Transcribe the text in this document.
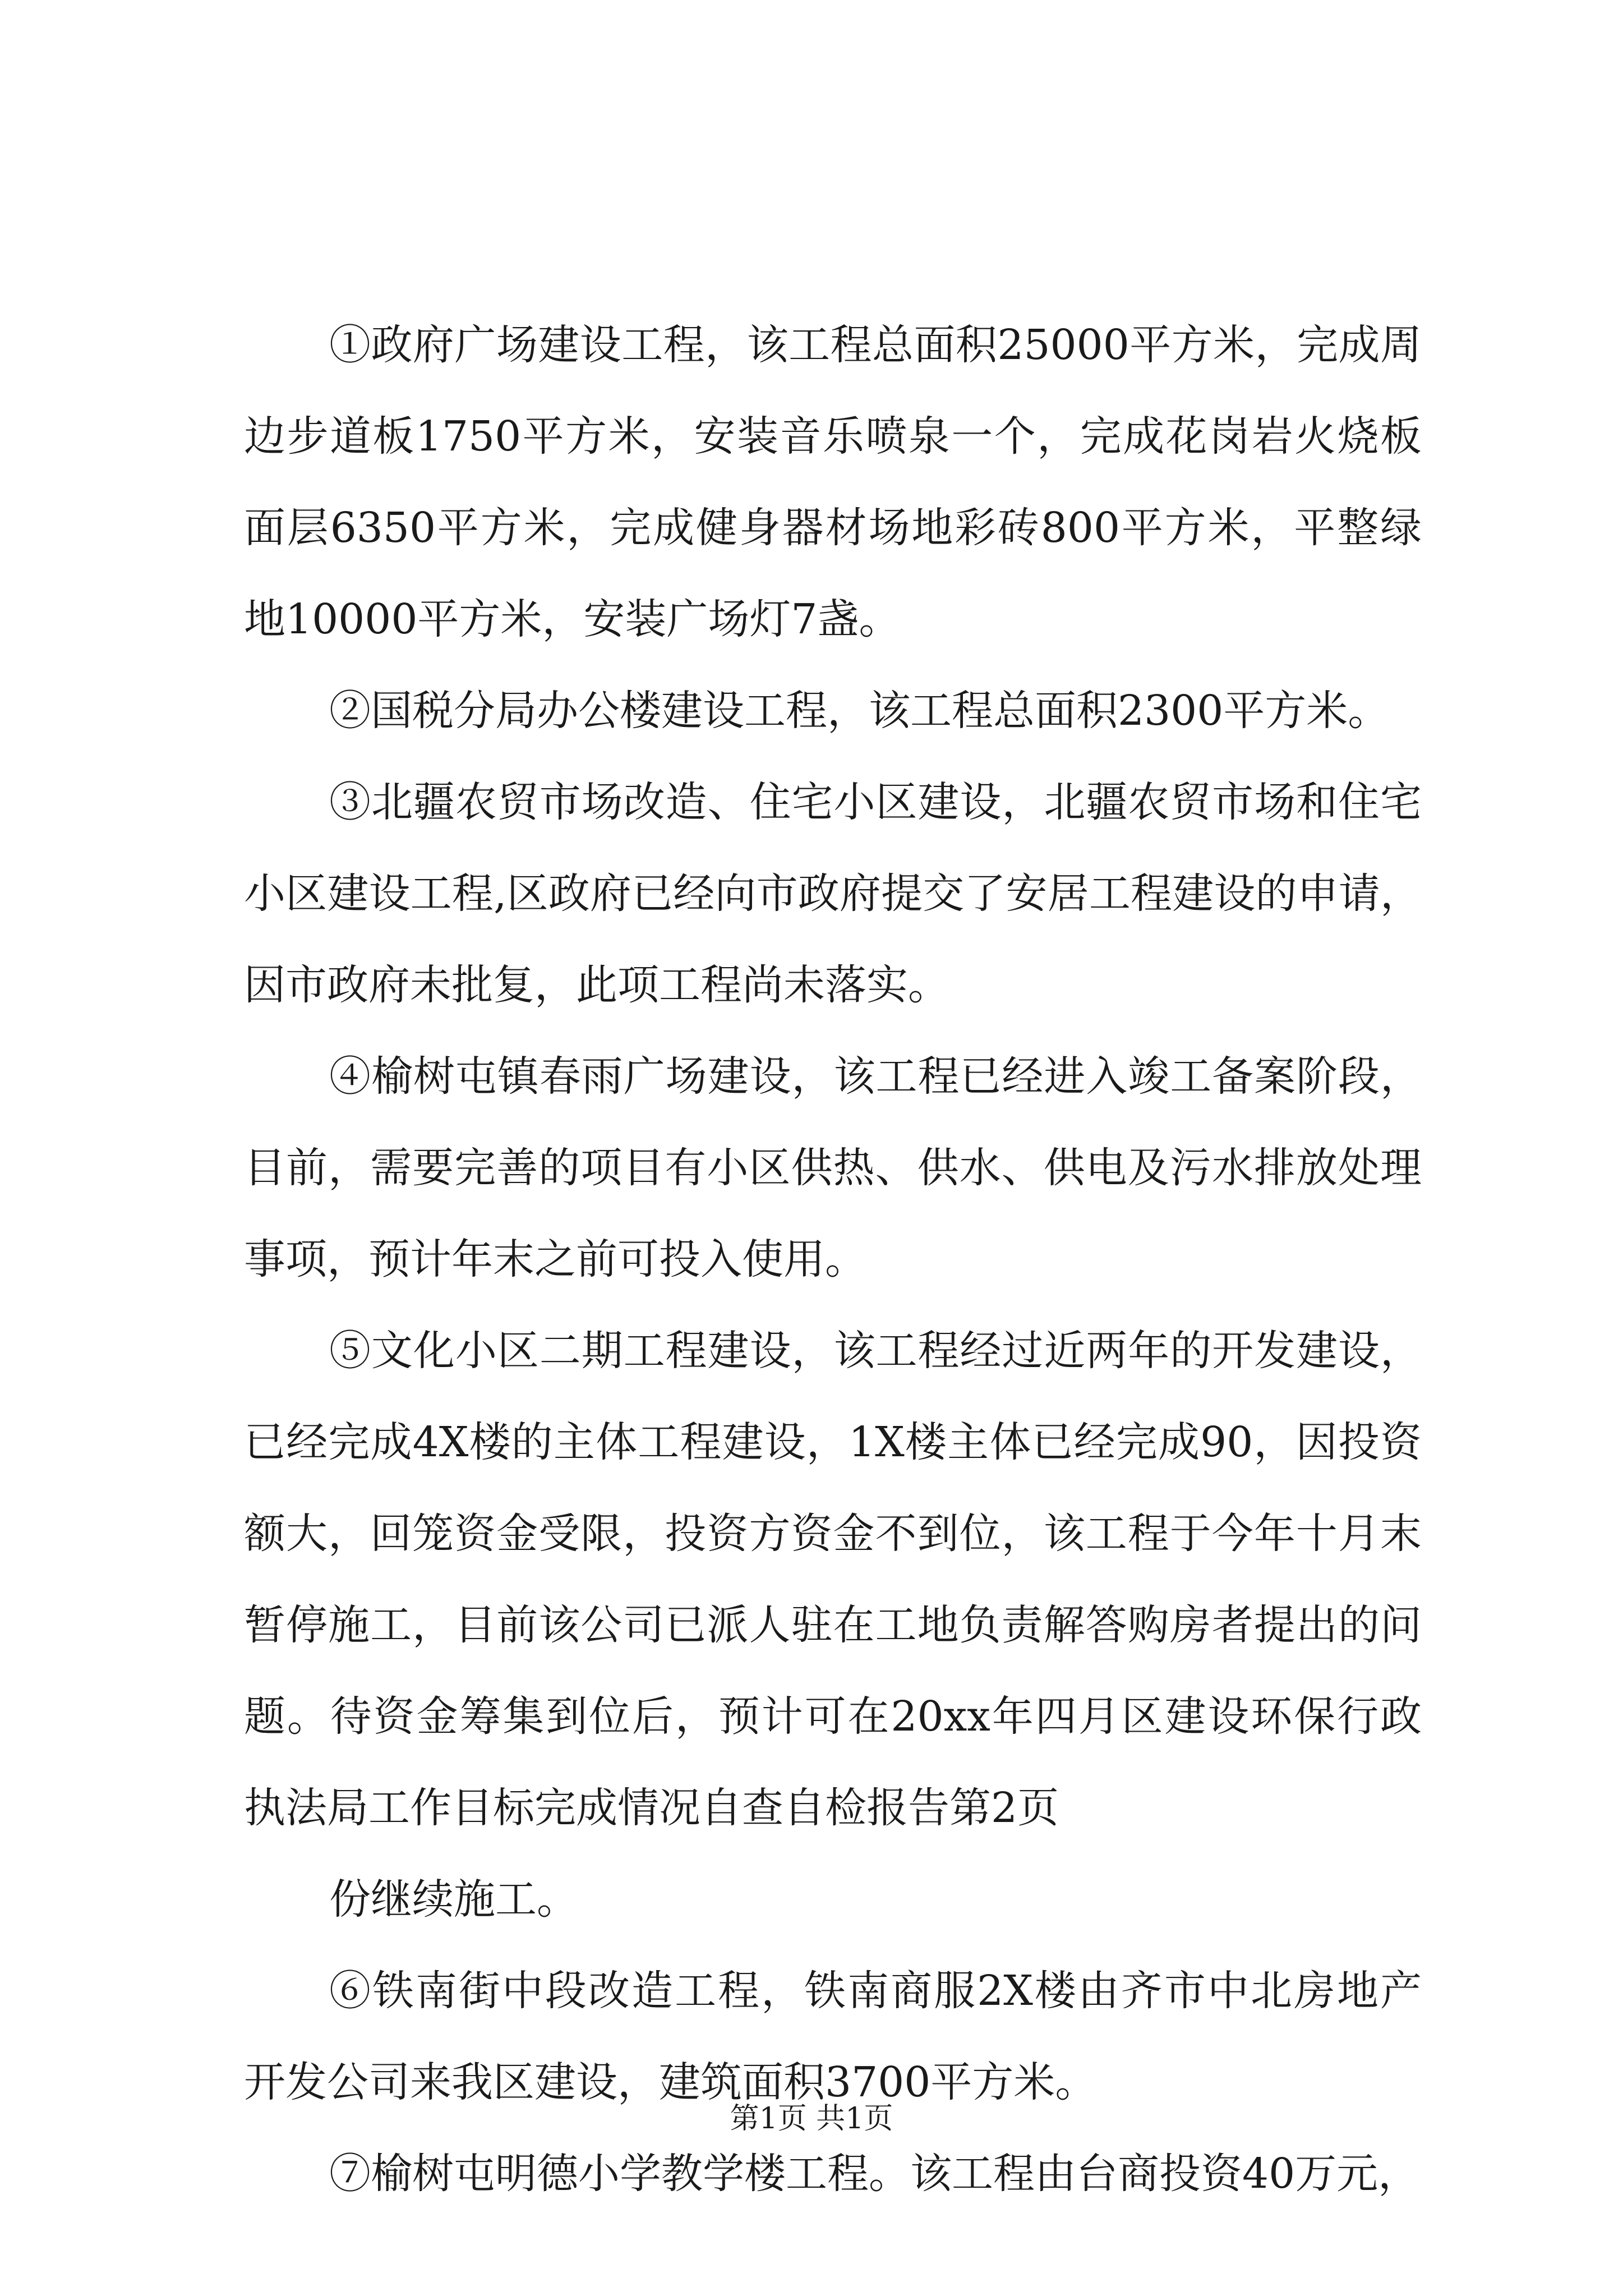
①政府广场建设工程，该工程总面积25000平方米，完成周边步道板1750平方米，安装音乐喷泉一个，完成花岗岩火烧板面层6350平方米，完成健身器材场地彩砖800平方米，平整绿地10000平方米，安装广场灯7盏。

②国税分局办公楼建设工程，该工程总面积2300平方米。

③北疆农贸市场改造、住宅小区建设，北疆农贸市场和住宅小区建设工程,区政府已经向市政府提交了安居工程建设的申请，因市政府未批复，此项工程尚未落实。

④榆树屯镇春雨广场建设，该工程已经进入竣工备案阶段，目前，需要完善的项目有小区供热、供水、供电及污水排放处理事项，预计年末之前可投入使用。

⑤文化小区二期工程建设，该工程经过近两年的开发建设，已经完成4X楼的主体工程建设，1X楼主体已经完成90，因投资额大，回笼资金受限，投资方资金不到位，该工程于今年十月末暂停施工，目前该公司已派人驻在工地负责解答购房者提出的问题。待资金筹集到位后，预计可在20xx年四月区建设环保行政执法局工作目标完成情况自查自检报告第2页

份继续施工。

⑥铁南街中段改造工程，铁南商服2X楼由齐市中北房地产开发公司来我区建设，建筑面积3700平方米。

⑦榆树屯明德小学教学楼工程。该工程由台商投资40万元，

第1页 共1页
